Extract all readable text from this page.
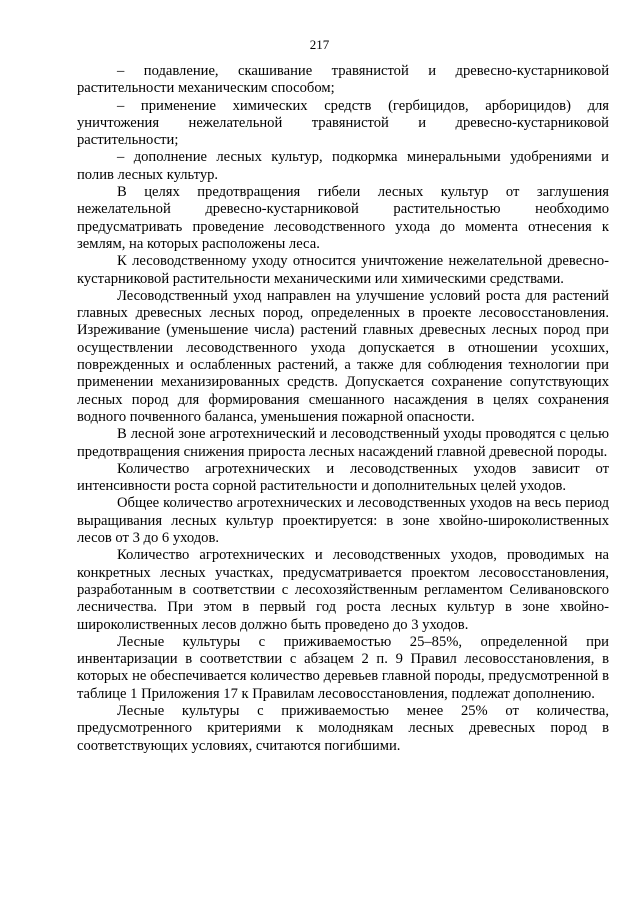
217

– подавление, скашивание травянистой и древесно-кустарниковой растительности механическим способом;

– применение химических средств (гербицидов, арборицидов) для уничтожения нежелательной травянистой и древесно-кустарниковой растительности;

– дополнение лесных культур, подкормка минеральными удобрениями и полив лесных культур.

В целях предотвращения гибели лесных культур от заглушения нежелательной древесно-кустарниковой растительностью необходимо предусматривать проведение лесоводственного ухода до момента отнесения к землям, на которых расположены леса.

К лесоводственному уходу относится уничтожение нежелательной древесно-кустарниковой растительности механическими или химическими средствами.

Лесоводственный уход направлен на улучшение условий роста для растений главных древесных лесных пород, определенных в проекте лесовосстановления. Изреживание (уменьшение числа) растений главных древесных лесных пород при осуществлении лесоводственного ухода допускается в отношении усохших, поврежденных и ослабленных растений, а также для соблюдения технологии при применении механизированных средств. Допускается сохранение сопутствующих лесных пород для формирования смешанного насаждения в целях сохранения водного почвенного баланса, уменьшения пожарной опасности.

В лесной зоне агротехнический и лесоводственный уходы проводятся с целью предотвращения снижения прироста лесных насаждений главной древесной породы.

Количество агротехнических и лесоводственных уходов зависит от интенсивности роста сорной растительности и дополнительных целей уходов.

Общее количество агротехнических и лесоводственных уходов на весь период выращивания лесных культур проектируется: в зоне хвойно-широколиственных лесов от 3 до 6 уходов.

Количество агротехнических и лесоводственных уходов, проводимых на конкретных лесных участках, предусматривается проектом лесовосстановления, разработанным в соответствии с лесохозяйственным регламентом Селивановского лесничества. При этом в первый год роста лесных культур в зоне хвойно-широколиственных лесов должно быть проведено до 3 уходов.

Лесные культуры с приживаемостью 25–85%, определенной при инвентаризации в соответствии с абзацем 2 п. 9 Правил лесовосстановления, в которых не обеспечивается количество деревьев главной породы, предусмотренной в таблице 1 Приложения 17 к Правилам лесовосстановления, подлежат дополнению.

Лесные культуры с приживаемостью менее 25% от количества, предусмотренного критериями к молоднякам лесных древесных пород в соответствующих условиях, считаются погибшими.
